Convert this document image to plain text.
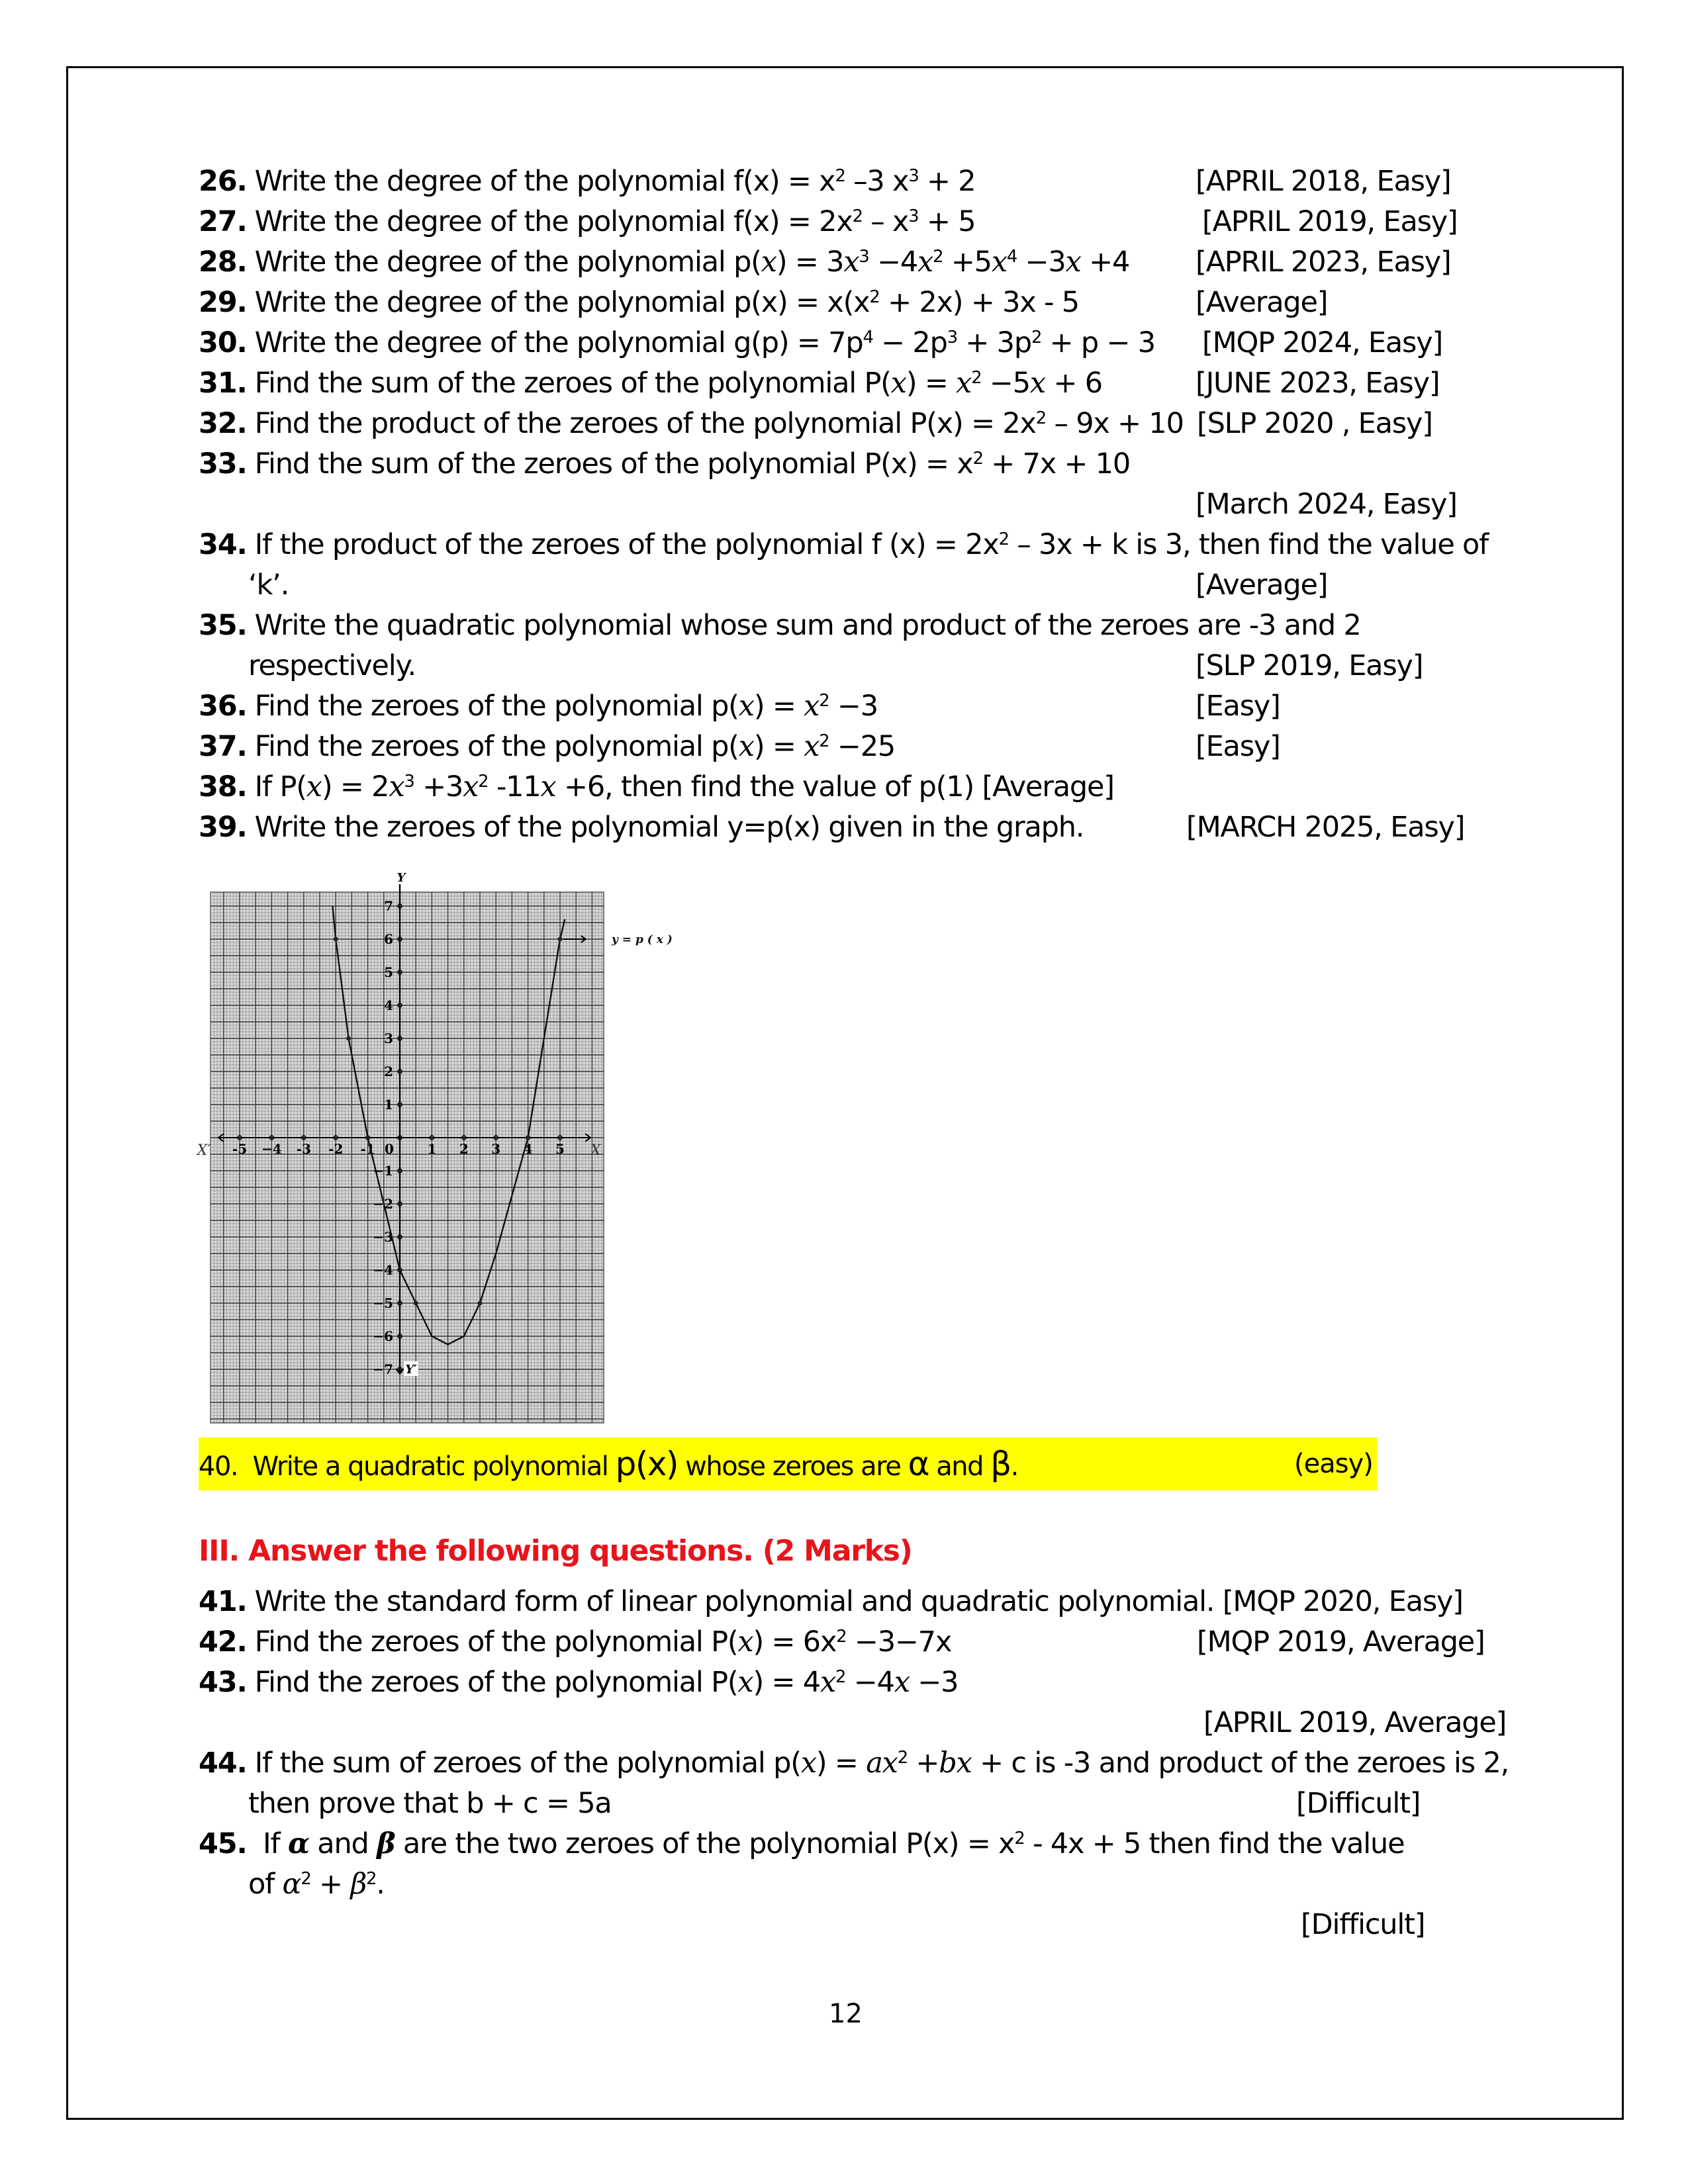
26. Write the degree of the polynomial $f(x) = x^2$ –3 $x^3 + 2$	[APRIL 2018, Easy]
27. Write the degree of the polynomial $f(x) = 2x^2 - x^3 + 5$	[APRIL 2019, Easy]
28. Write the degree of the polynomial $p(x) = 3x^3 -4x^2 +5x^4 -3x +4$ [APRIL 2023, Easy]
29. Write the degree of the polynomial $p(x) = x(x^2 + 2x) + 3x - 5$	[Average]
30. Write the degree of the polynomial $g(p) = 7p^4 - 2p^3 + 3p^2 + p - 3$ [MQP 2024, Easy]
31. Find the sum of the zeroes of the polynomial $P(x) = x^2 -5x + 6$	[JUNE 2023, Easy]
32. Find the product of the zeroes of the polynomial $P(x) = 2x^2 - 9x + 10$ [SLP 2020 , Easy]
33. Find the sum of the zeroes of the polynomial $P(x) = x^2 + 7x + 10$
[March 2024, Easy]
34. If the product of the zeroes of the polynomial f $(x) = 2x^2 - 3x + k$ is 3, then find the value of
‘k’.	[Average]
35. Write the quadratic polynomial whose sum and product of the zeroes are -3 and 2
respectively.	[SLP 2019, Easy]
36. Find the zeroes of the polynomial $p(x) = x^2 -3$	[Easy]
37. Find the zeroes of the polynomial $p(x) = x^2 -25$	[Easy]
38. If $P(x) = 2x^3 +3x^2$ -11x +6, then find the value of p(1) [Average]
39. Write the zeroes of the polynomial y=p(x) given in the graph.	[MARCH 2025, Easy]
-5 −4 -3 -2 -1 0	1 2 3 4 5
7
6
5
4
3
2
1
−1
−2
−3
−4
−5
−6
−7
X
X′
Y
Y′
y = p ( x )
40. Write a quadratic polynomial p(x) whose zeroes are α and β.	(easy)
III. Answer the following questions. (2 Marks)
41. Write the standard form of linear polynomial and quadratic polynomial. [MQP 2020, Easy]
42. Find the zeroes of the polynomial $P(x) = 6x^2 -3-7x$	[MQP 2019, Average]
43. Find the zeroes of the polynomial $P(x) = 4x^2 -4x -3$
[APRIL 2019, Average]
44. If the sum of zeroes of the polynomial $p(x) = ax^2 +bx + c$ is -3 and product of the zeroes is 2,
then prove that b + c = 5a	[Difficult]
45. If α and β are the two zeroes of the polynomial $P(x) = x^2 - 4x + 5$ then find the value
of $\alpha^2 + \beta^2$.
[Difficult]
12
